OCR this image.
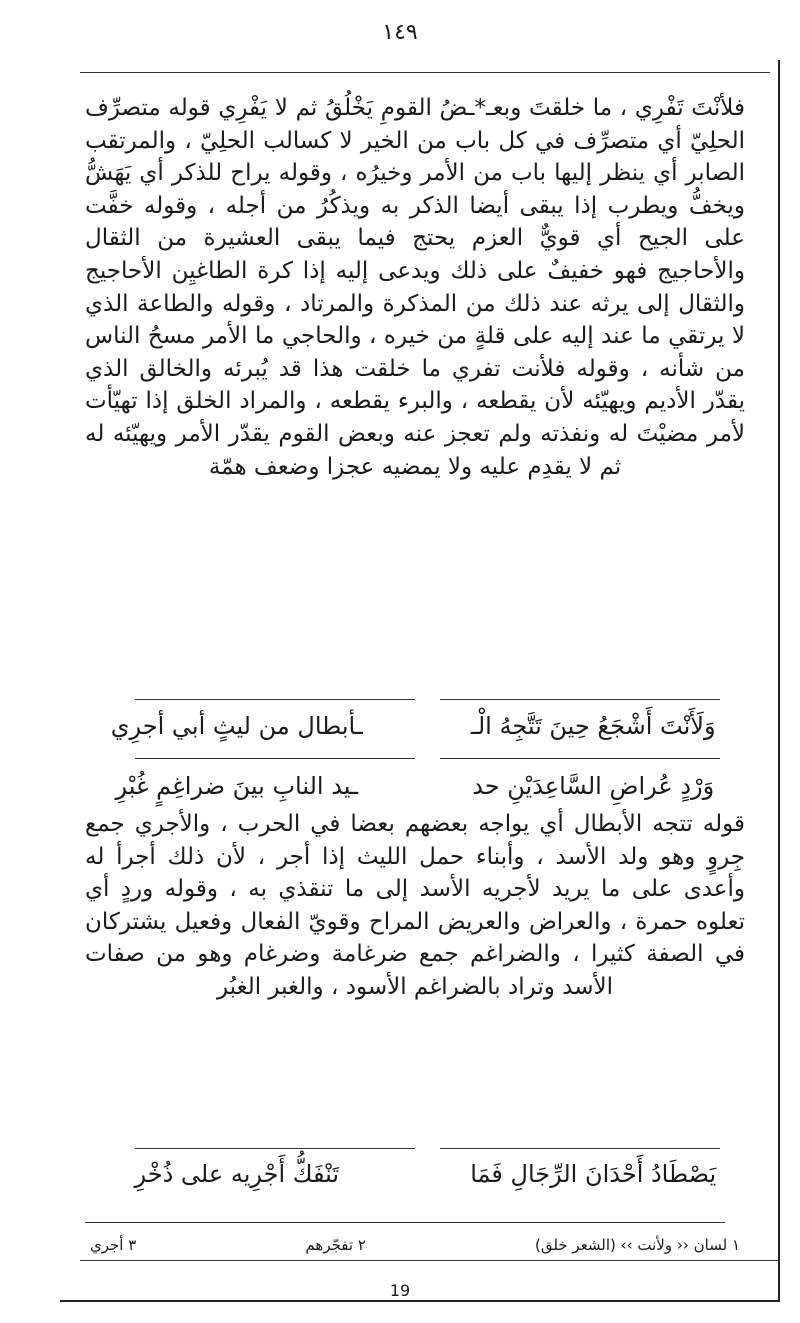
١٤٩
فلأنْتَ تَفْرِي ، ما خلقتَ وبعـ*ـضُ القومِ يَخْلُقُ ثم لا يَفْرِي قوله متصرِّف الحلِيّ أي متصرِّف في كل باب من الخير لا كسالب الحلِيّ ، والمرتقب الصابر أي ينظر إليها باب من الأمر وخيرُه ، وقوله يراح للذكر أي يَهَشُّ ويخفُّ ويطرب إذا يبقى أيضا الذكر به ويذكُرُ من أجله ، وقوله خفَّت على الجيح أي قويٌّ العزم يحتج فيما يبقى العشيرة من الثقال والأحاجيج فهو خفيفٌ على ذلك ويدعى إليه إذا كرة الطاغيِن الأحاجيج والثقال إلى يرثه عند ذلك من المذكرة والمرتاد ، وقوله والطاعة الذي لا يرتقي ما عند إليه على قلةٍ من خيره ، والحاجي ما الأمر مسحُ الناس من شأنه ، وقوله فلأنت تفري ما خلقت هذا قد يُبرئه والخالق الذي يقدّر الأديم ويهيّئه لأن يقطعه ، والبرء يقطعه ، والمراد الخلق إذا تهيّأت لأمر مضيْتَ له ونفذته ولم تعجز عنه وبعض القوم يقدّر الأمر ويهيّئه له ثم لا يقدِم عليه ولا يمضيه عجزا وضعف همّة
وَلَأَنْتَ أَشْجَعُ حِينَ تَتَّجِهُ الْـ
ـأبطال من ليثٍ أبي أجرِي
وَرْدٍ عُراضِ السَّاعِدَيْنِ حد
ـيد النابِ بينَ ضراغِمٍ غُبْرِ
قوله تتجه الأبطال أي يواجه بعضهم بعضا في الحرب ، والأجري جمع جِروٍ وهو ولد الأسد ، وأبناء حمل الليث إذا أجر ، لأن ذلك أجرأ له وأعدى على ما يريد لأجريه الأسد إلى ما تنقذي به ، وقوله وردٍ أي تعلوه حمرة ، والعراض والعريض المراح وقويّ الفعال وفعيل يشتركان في الصفة كثيرا ، والضراغم جمع ضرغامة وضرغام وهو من صفات الأسد وتراد بالضراغم الأسود ، والغبر الغبُر
يَصْطَادُ أَحْدَانَ الرِّجَالِ فَمَا
تَنْفَكُّ أَجْرِيه على ذُخْرِ
١ لسان ‹‹ ولأنت ›› (الشعر خلق)
٢ تفجّرهم
٣ أجري
19
